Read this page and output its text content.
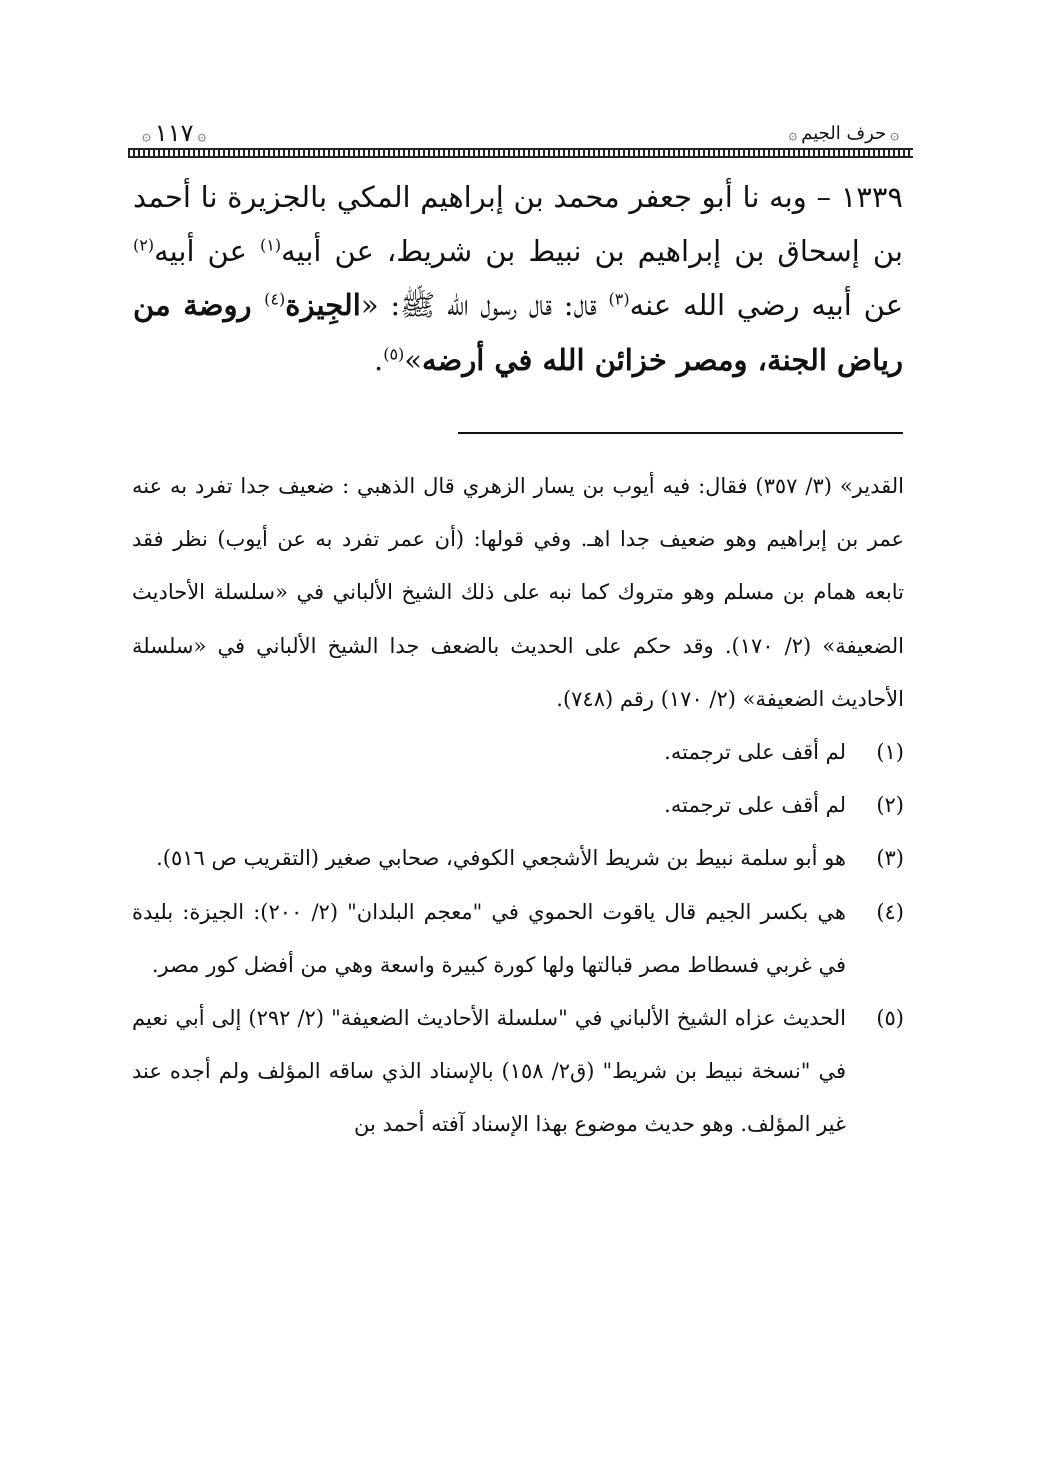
۞ ١١٧ ۞
۞	حرف الجيم ۞

١٣٣٩ – وبه نا أبو جعفر محمد بن إبراهيم المكي بالجزيرة نا أحمد بن إسحاق بن إبراهيم بن نبيط بن شريط، عن أبيه$^{(١)}$ عن أبيه$^{(٢)}$ عن أبيه رضي الله عنه$^{(٣)}$ قال: قال رسول الله ﷺ: «الجِيزة$^{(٤)}$ روضة من رياض الجنة، ومصر خزائن الله في أرضه»$^{(٥)}$.

القدير» (٣/ ٣٥٧) فقال: فيه أيوب بن يسار الزهري قال الذهبي : ضعيف جدا تفرد به عنه عمر بن إبراهيم وهو ضعيف جدا اهـ. وفي قولها: (أن عمر تفرد به عن أيوب) نظر فقد تابعه همام بن مسلم وهو متروك كما نبه على ذلك الشيخ الألباني في «سلسلة الأحاديث الضعيفة» (٢/ ١٧٠). وقد حكم على الحديث بالضعف جدا الشيخ الألباني في «سلسلة الأحاديث الضعيفة» (٢/ ١٧٠) رقم (٧٤٨).

(١)
لم أقف على ترجمته.
(٢)
لم أقف على ترجمته.
(٣)
هو أبو سلمة نبيط بن شريط الأشجعي الكوفي، صحابي صغير (التقريب ص ٥١٦).
(٤)
هي بكسر الجيم قال ياقوت الحموي في "معجم البلدان" (٢/ ٢٠٠): الجيزة: بليدة في غربي فسطاط مصر قبالتها ولها كورة كبيرة واسعة وهي من أفضل كور مصر.
(٥)
الحديث عزاه الشيخ الألباني في "سلسلة الأحاديث الضعيفة" (٢/ ٢٩٢) إلى أبي نعيم في "نسخة نبيط بن شريط" (ق٢/ ١٥٨) بالإسناد الذي ساقه المؤلف ولم أجده عند غير المؤلف. وهو حديث موضوع بهذا الإسناد آفته أحمد بن
